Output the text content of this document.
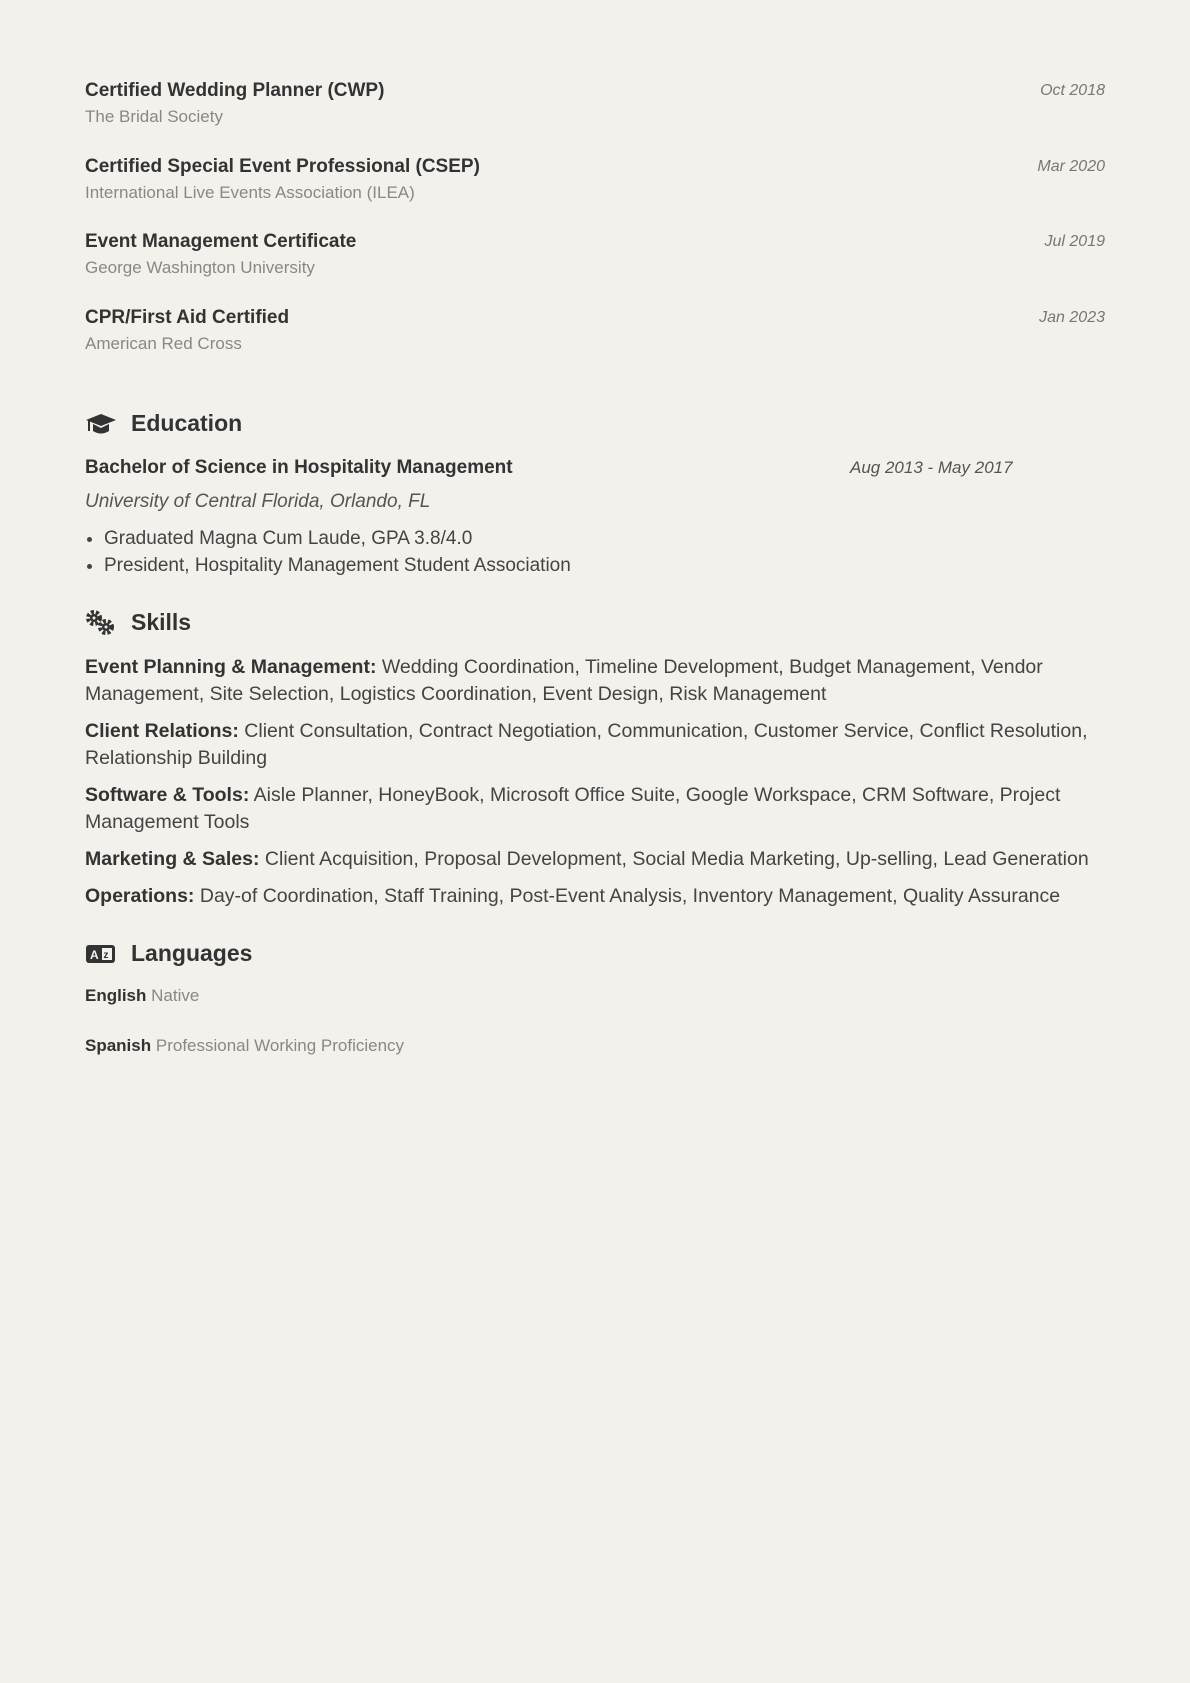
Certified Wedding Planner (CWP)
The Bridal Society
Oct 2018
Certified Special Event Professional (CSEP)
International Live Events Association (ILEA)
Mar 2020
Event Management Certificate
George Washington University
Jul 2019
CPR/First Aid Certified
American Red Cross
Jan 2023
Education
Bachelor of Science in Hospitality Management	Aug 2013 - May 2017
University of Central Florida, Orlando, FL
• Graduated Magna Cum Laude, GPA 3.8/4.0
• President, Hospitality Management Student Association
Skills
Event Planning & Management: Wedding Coordination, Timeline Development, Budget Management, Vendor Management, Site Selection, Logistics Coordination, Event Design, Risk Management
Client Relations: Client Consultation, Contract Negotiation, Communication, Customer Service, Conflict Resolution, Relationship Building
Software & Tools: Aisle Planner, HoneyBook, Microsoft Office Suite, Google Workspace, CRM Software, Project Management Tools
Marketing & Sales: Client Acquisition, Proposal Development, Social Media Marketing, Up-selling, Lead Generation
Operations: Day-of Coordination, Staff Training, Post-Event Analysis, Inventory Management, Quality Assurance
A z Languages
English Native
Spanish Professional Working Proficiency
